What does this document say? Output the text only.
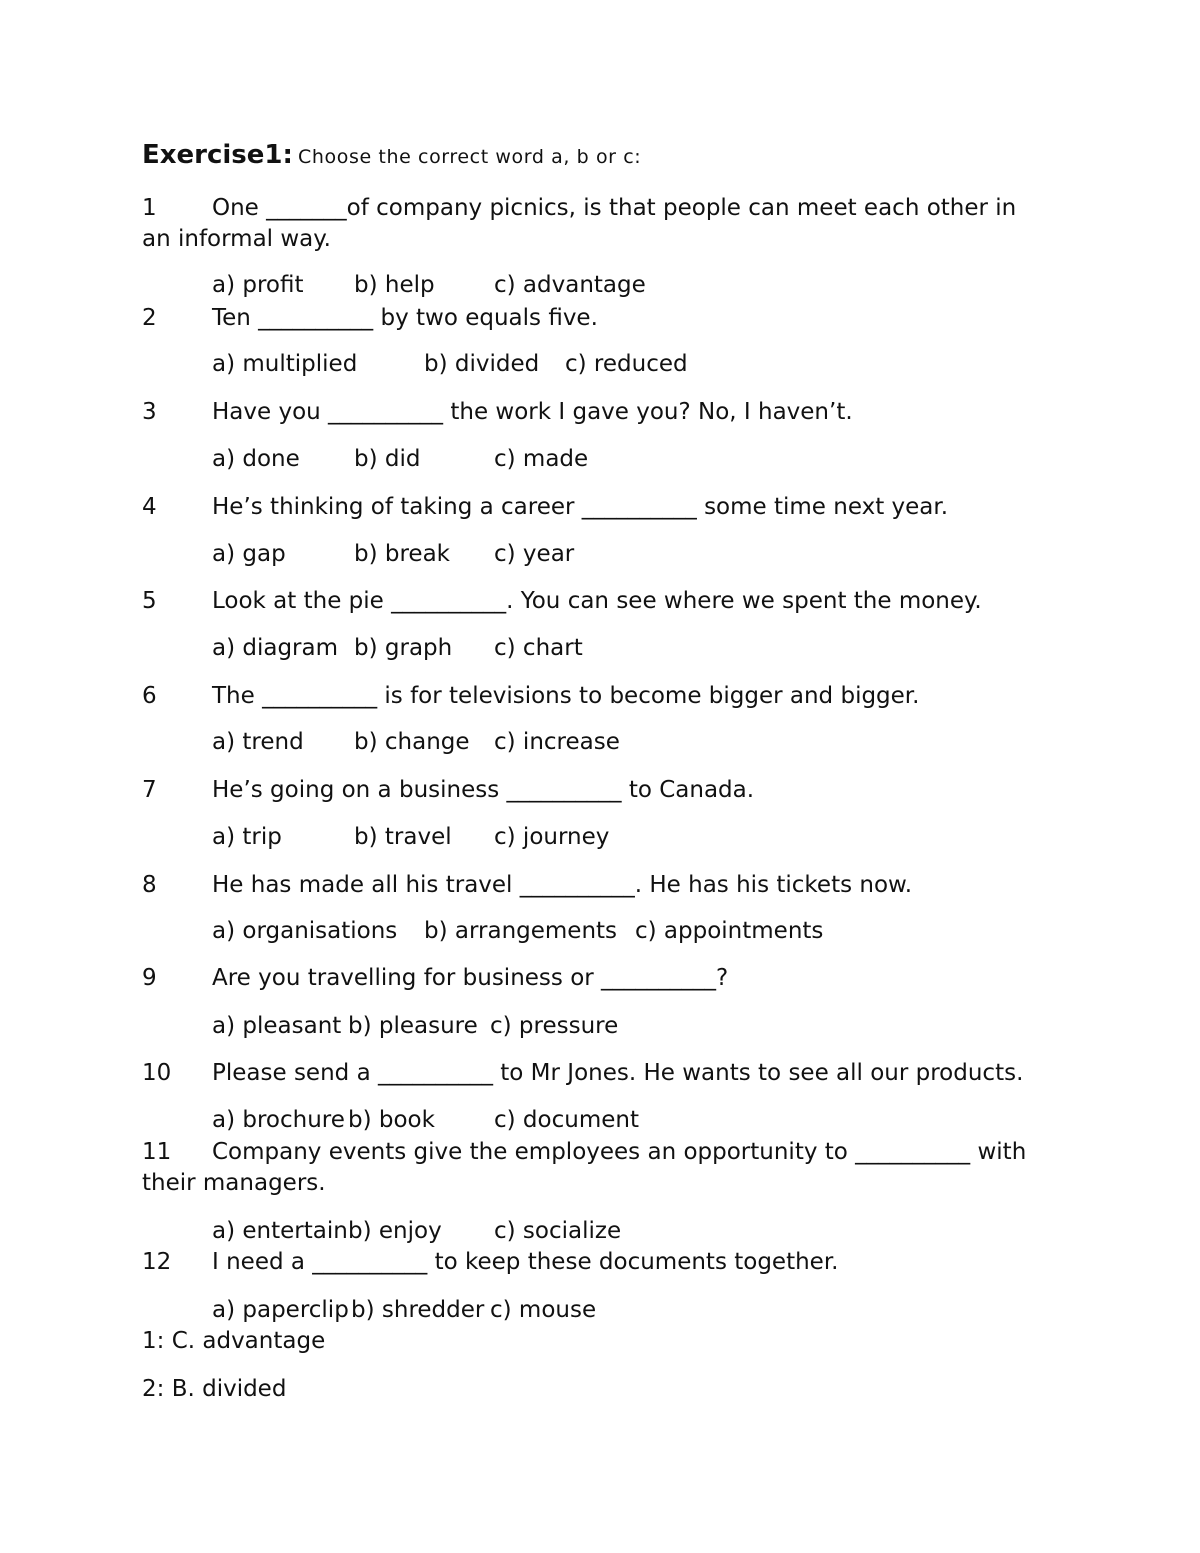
Exercise1: Choose the correct word a, b or c:
1 One _______of company picnics, is that people can meet each other in an informal way.
a) profit b) help	c) advantage
2 Ten __________ by two equals five.
a) multiplied	b) divided c) reduced
3 Have you __________ the work I gave you? No, I haven’t.
a) done b) did	c) made
4 He’s thinking of taking a career __________ some time next year.
a) gap	b) break c) year
5 Look at the pie __________. You can see where we spent the money.
a) diagram b) graph c) chart
6 The __________ is for televisions to become bigger and bigger.
a) trend b) change c) increase
7 He’s going on a business __________ to Canada.
a) trip	b) travel c) journey
8 He has made all his travel __________. He has his tickets now.
a) organisations b) arrangements c) appointments
9 Are you travelling for business or __________?
a) pleasant b) pleasure c) pressure
10 Please send a __________ to Mr Jones. He wants to see all our products.
a) brochure b) book	c) document
11 Company events give the employees an opportunity to __________ with their managers.
a) entertain b) enjoy c) socialize
12 I need a __________ to keep these documents together.
a) paperclip b) shredder c) mouse
1: C. advantage
2: B. divided
